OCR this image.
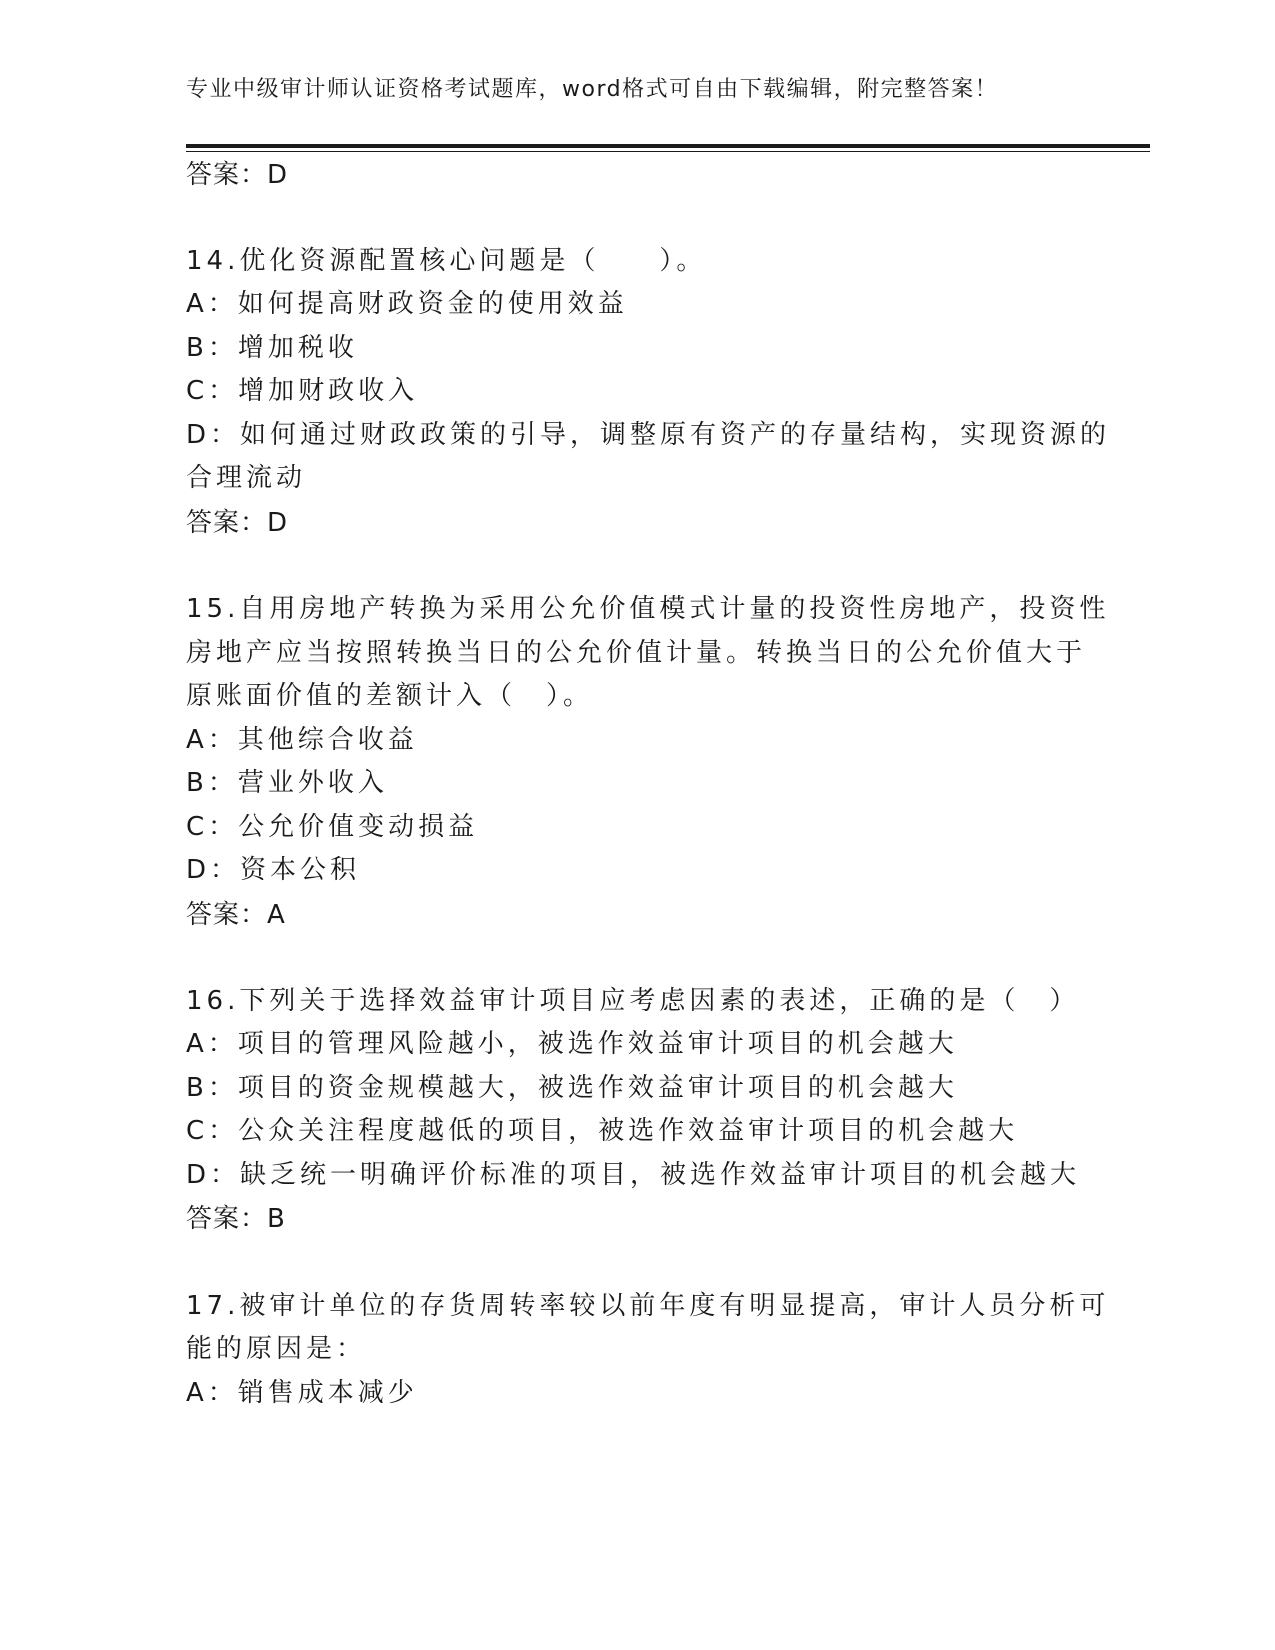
专业中级审计师认证资格考试题库，word格式可自由下载编辑，附完整答案！
答案：D
14.优化资源配置核心问题是（　　）。
A：如何提高财政资金的使用效益
B：增加税收
C：增加财政收入
D：如何通过财政政策的引导，调整原有资产的存量结构，实现资源的
合理流动
答案：D
15.自用房地产转换为采用公允价值模式计量的投资性房地产，投资性
房地产应当按照转换当日的公允价值计量。转换当日的公允价值大于
原账面价值的差额计入（　）。
A：其他综合收益
B：营业外收入
C：公允价值变动损益
D：资本公积
答案：A
16.下列关于选择效益审计项目应考虑因素的表述，正确的是（　）
A：项目的管理风险越小，被选作效益审计项目的机会越大
B：项目的资金规模越大，被选作效益审计项目的机会越大
C：公众关注程度越低的项目，被选作效益审计项目的机会越大
D：缺乏统一明确评价标准的项目，被选作效益审计项目的机会越大
答案：B
17.被审计单位的存货周转率较以前年度有明显提高，审计人员分析可
能的原因是：
A：销售成本减少
